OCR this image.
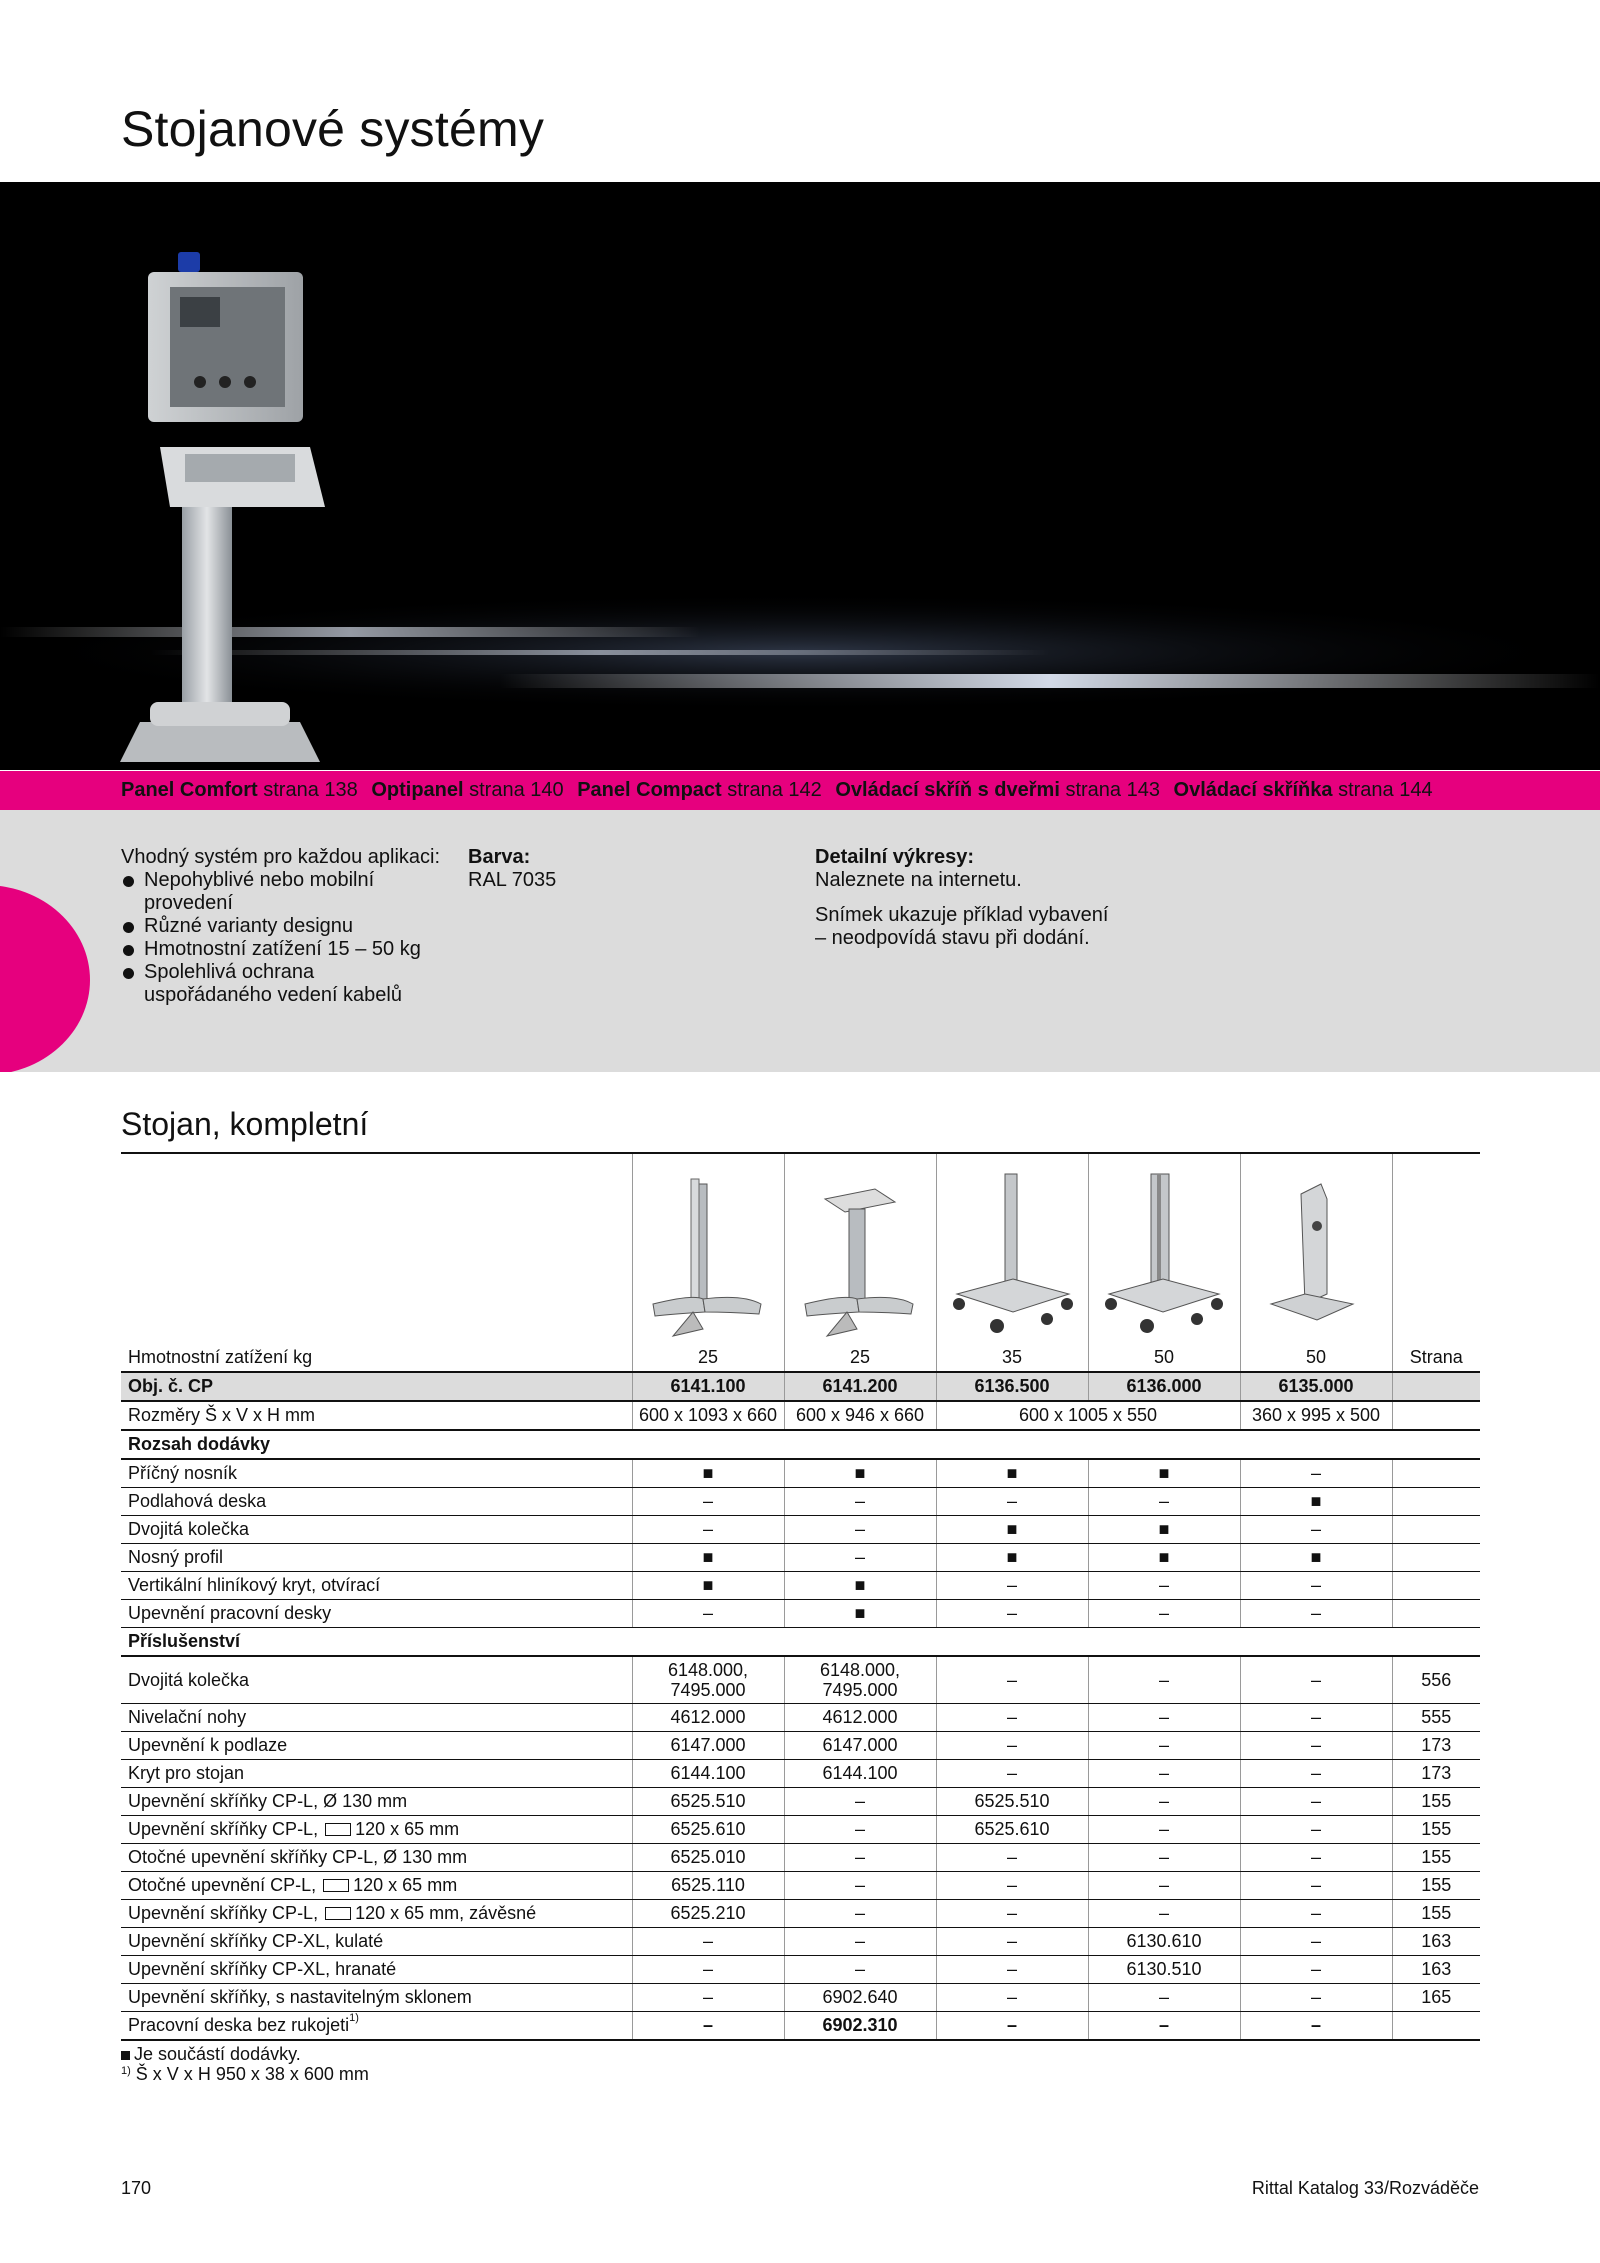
Stojanové systémy
Panel Comfort strana 138 Optipanel strana 140 Panel Compact strana 142 Ovládací skříň s dveřmi strana 143 Ovládací skříňka strana 144

Vhodný systém pro každou aplikaci:

Nepohyblivé nebo mobilní provedení
Různé varianty designu
Hmotnostní zatížení 15 – 50 kg
Spolehlivá ochrana uspořádaného vedení kabelů

Barva:

RAL 7035

Detailní výkresy:

Naleznete na internetu.

Snímek ukazuje příklad vybavení – neodpovídá stavu při dodání.

Stojan, kompletní
Hmotnostní zatížení kg	25	25	35	50	50	Strana
Obj. č. CP	6141.100	6141.200	6136.500	6136.000	6135.000	
Rozměry Š x V x H mm	600 x 1093 x 660	600 x 946 x 660	600 x 1005 x 550		360 x 995 x 500	
Rozsah dodávky						
Příčný nosník	■	■	■	■	–	
Podlahová deska	–	–	–	–	■	
Dvojitá kolečka	–	–	■	■	–	
Nosný profil	■	–	■	■	■	
Vertikální hliníkový kryt, otvírací	■	■	–	–	–	
Upevnění pracovní desky	–	■	–	–	–	
Příslušenství						
Dvojitá kolečka	6148.000,
7495.000	6148.000,
7495.000	–	–	–	556
Nivelační nohy	4612.000	4612.000	–	–	–	555
Upevnění k podlaze	6147.000	6147.000	–	–	–	173
Kryt pro stojan	6144.100	6144.100	–	–	–	173
Upevnění skříňky CP-L, Ø 130 mm	6525.510	–	6525.510	–	–	155
Upevnění skříňky CP-L, 120 x 65 mm	6525.610	–	6525.610	–	–	155
Otočné upevnění skříňky CP-L, Ø 130 mm	6525.010	–	–	–	–	155
Otočné upevnění CP-L, 120 x 65 mm	6525.110	–	–	–	–	155
Upevnění skříňky CP-L, 120 x 65 mm, závěsné	6525.210	–	–	–	–	155
Upevnění skříňky CP-XL, kulaté	–	–	–	6130.610	–	163
Upevnění skříňky CP-XL, hranaté	–	–	–	6130.510	–	163
Upevnění skříňky, s nastavitelným sklonem	–	6902.640	–	–	–	165
Pracovní deska bez rukojeti$^{1)}$	–	6902.310	–	–	–	

Je součástí dodávky.

$^{1)}$ Š x V x H 950 x 38 x 600 mm

170	Rittal Katalog 33/Rozváděče
